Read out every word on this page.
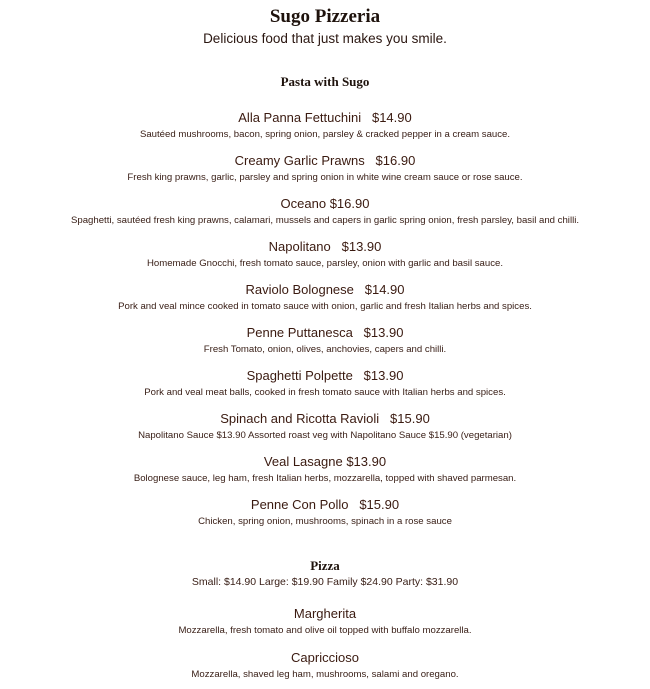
Sugo Pizzeria
Delicious food that just makes you smile.
Pasta with Sugo
Alla Panna Fettuchini $14.90
Sautéed mushrooms, bacon, spring onion, parsley & cracked pepper in a cream sauce.
Creamy Garlic Prawns $16.90
Fresh king prawns, garlic, parsley and spring onion in white wine cream sauce or rose sauce.
Oceano $16.90
Spaghetti, sautéed fresh king prawns, calamari, mussels and capers in garlic spring onion, fresh parsley, basil and chilli.
Napolitano $13.90
Homemade Gnocchi, fresh tomato sauce, parsley, onion with garlic and basil sauce.
Raviolo Bolognese $14.90
Pork and veal mince cooked in tomato sauce with onion, garlic and fresh Italian herbs and spices.
Penne Puttanesca $13.90
Fresh Tomato, onion, olives, anchovies, capers and chilli.
Spaghetti Polpette $13.90
Pork and veal meat balls, cooked in fresh tomato sauce with Italian herbs and spices.
Spinach and Ricotta Ravioli $15.90
Napolitano Sauce $13.90 Assorted roast veg with Napolitano Sauce $15.90 (vegetarian)
Veal Lasagne $13.90
Bolognese sauce, leg ham, fresh Italian herbs, mozzarella, topped with shaved parmesan.
Penne Con Pollo $15.90
Chicken, spring onion, mushrooms, spinach in a rose sauce
Pizza
Small: $14.90 Large: $19.90 Family $24.90 Party: $31.90
Margherita
Mozzarella, fresh tomato and olive oil topped with buffalo mozzarella.
Capriccioso
Mozzarella, shaved leg ham, mushrooms, salami and oregano.
